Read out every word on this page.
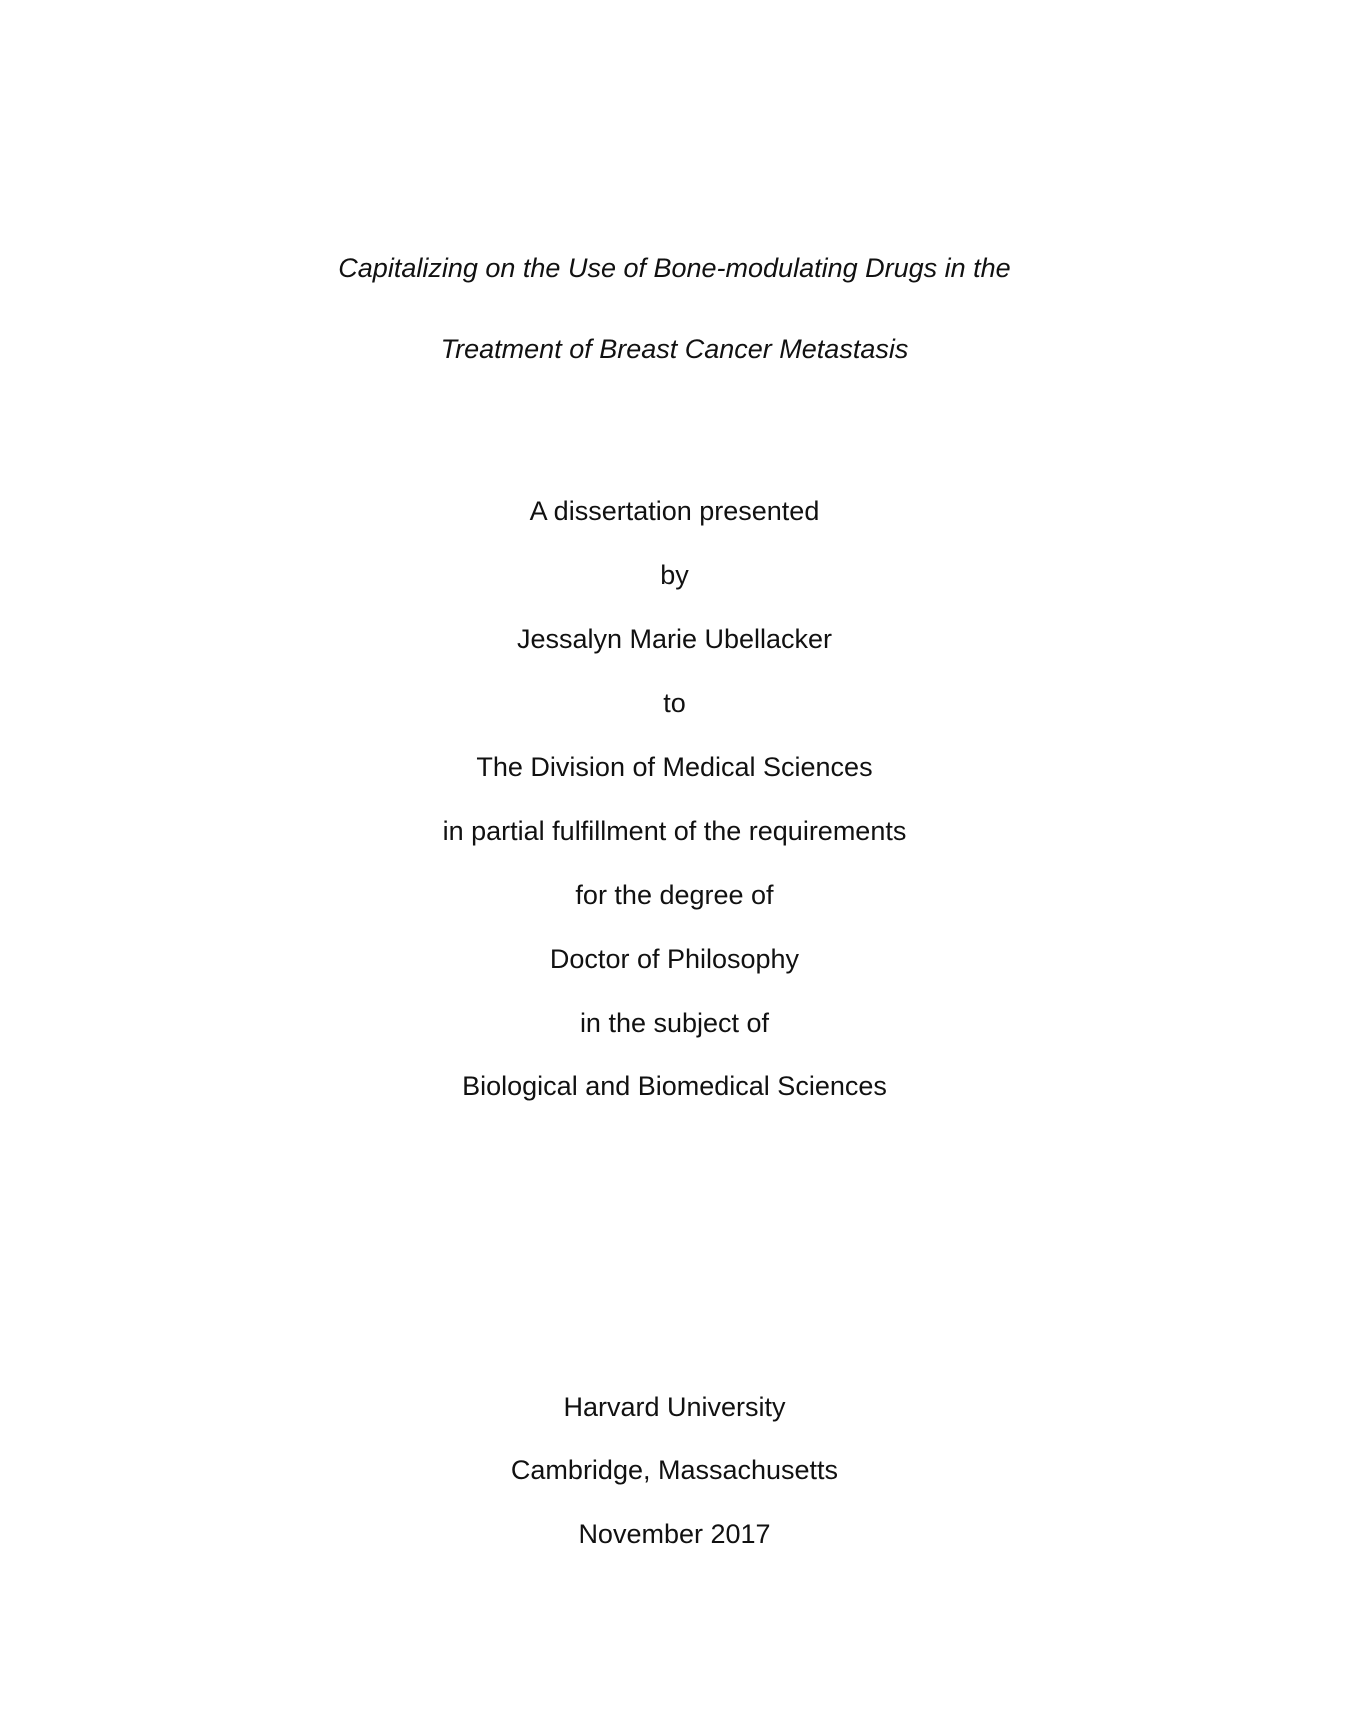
Capitalizing on the Use of Bone-modulating Drugs in the
Treatment of Breast Cancer Metastasis
A dissertation presented
by
Jessalyn Marie Ubellacker
to
The Division of Medical Sciences
in partial fulfillment of the requirements
for the degree of
Doctor of Philosophy
in the subject of
Biological and Biomedical Sciences
Harvard University
Cambridge, Massachusetts
November 2017
